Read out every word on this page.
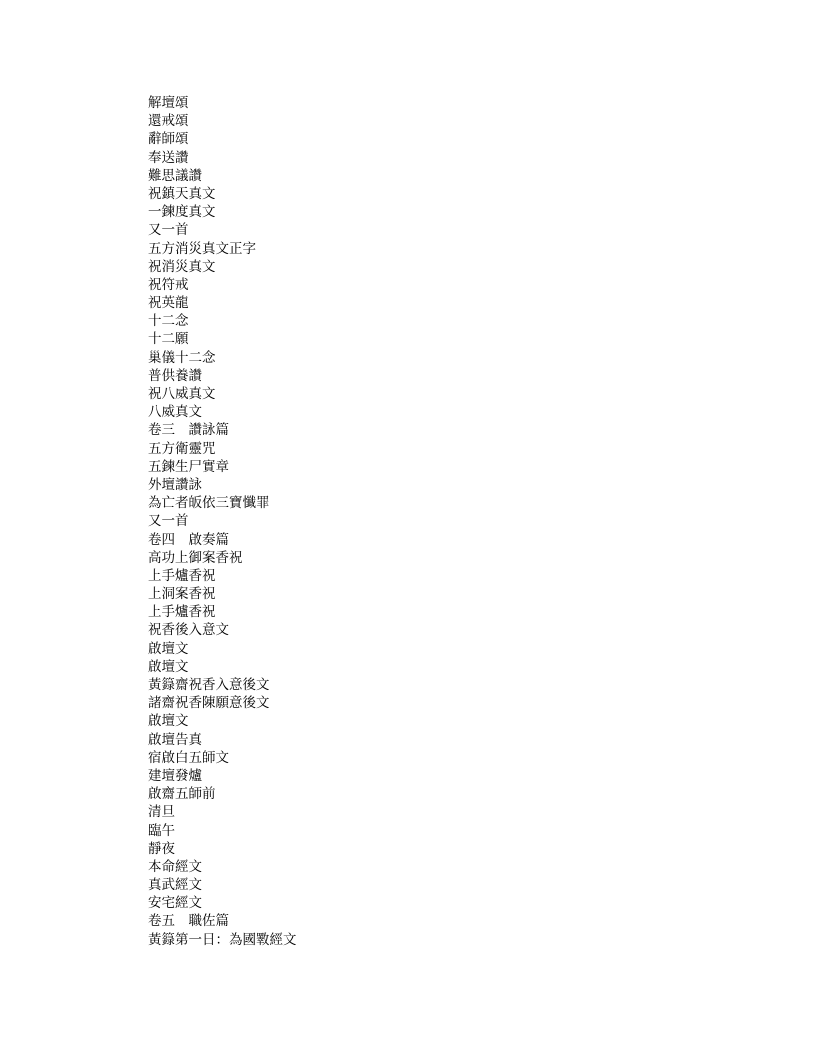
解壇頌
還戒頌
辭師頌
奉送讚
難思議讚
祝鎮天真文
一鍊度真文
又一首
五方消災真文正字
祝消災真文
祝符戒
祝英龍
十二念
十二願
巢儀十二念
普供養讚
祝八威真文
八威真文
卷三　讚詠篇
五方衛靈咒
五鍊生尸實章
外壇讚詠
為亡者皈依三寶懺罪
又一首
卷四　啟奏篇
高功上御案香祝
上手爐香祝
上洞案香祝
上手爐香祝
祝香後入意文
啟壇文
啟壇文
黃籙齋祝香入意後文
諸齋祝香陳願意後文
啟壇文
啟壇告真
宿啟白五師文
建壇發爐
啟齋五師前
清旦
臨午
靜夜
本命經文
真武經文
安宅經文
卷五　職佐篇
黃籙第一日：為國斁經文
